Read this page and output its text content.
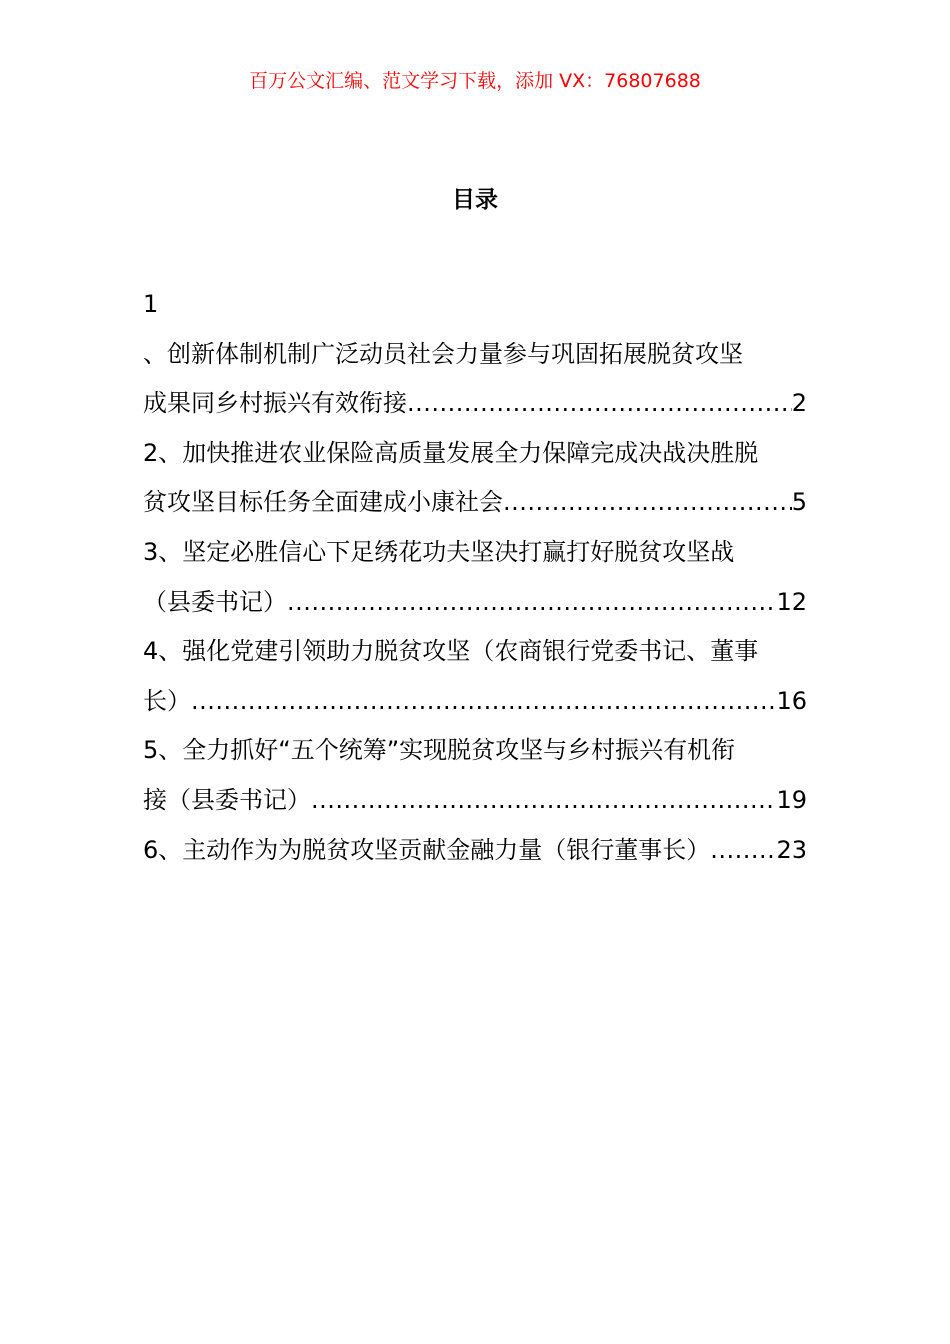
百万公文汇编、范文学习下载，添加 VX：76807688
目录
1
、创新体制机制广泛动员社会力量参与巩固拓展脱贫攻坚
成果同乡村振兴有效衔接 .....	2
2、加快推进农业保险高质量发展全力保障完成决战决胜脱
贫攻坚目标任务全面建成小康社会 .....	5
3、坚定必胜信心下足绣花功夫坚决打赢打好脱贫攻坚战
（县委书记） .....	12
4、强化党建引领助力脱贫攻坚（农商银行党委书记、董事
长） .....	16
5、全力抓好“五个统筹”实现脱贫攻坚与乡村振兴有机衔
接（县委书记） .....	19
6、主动作为为脱贫攻坚贡献金融力量（银行董事长） .....	23
